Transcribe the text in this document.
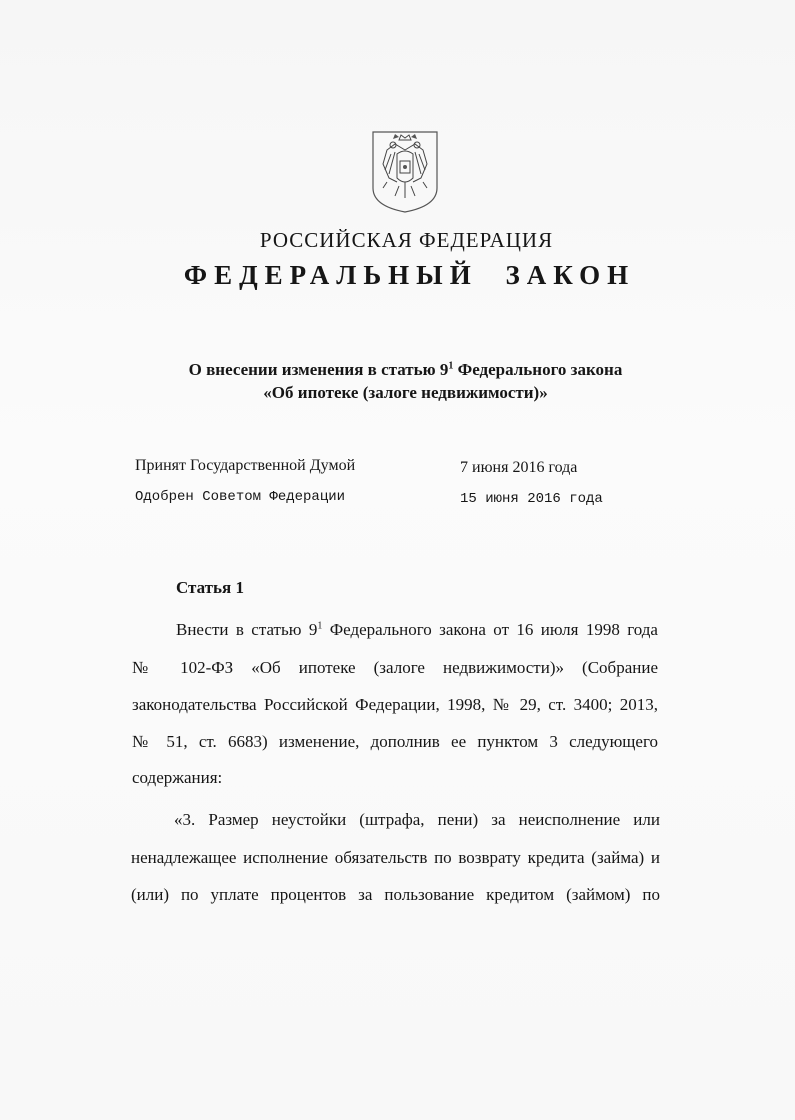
РОССИЙСКАЯ ФЕДЕРАЦИЯ
ФЕДЕРАЛЬНЫЙ ЗАКОН
О внесении изменения в статью $9^1$ Федерального закона
«Об ипотеке (залоге недвижимости)»
Принят Государственной Думой	7 июня 2016 года
Одобрен Советом Федерации	15 июня 2016 года
Статья 1
Внести в статью $9^1$ Федерального закона от 16 июля 1998 года
№ 102-ФЗ «Об ипотеке (залоге недвижимости)» (Собрание
законодательства Российской Федерации, 1998, № 29, ст. 3400; 2013,
№ 51, ст. 6683) изменение, дополнив ее пунктом 3 следующего
содержания:
«3. Размер неустойки (штрафа, пени) за неисполнение или
ненадлежащее исполнение обязательств по возврату кредита (займа) и
(или) по уплате процентов за пользование кредитом (займом) по
